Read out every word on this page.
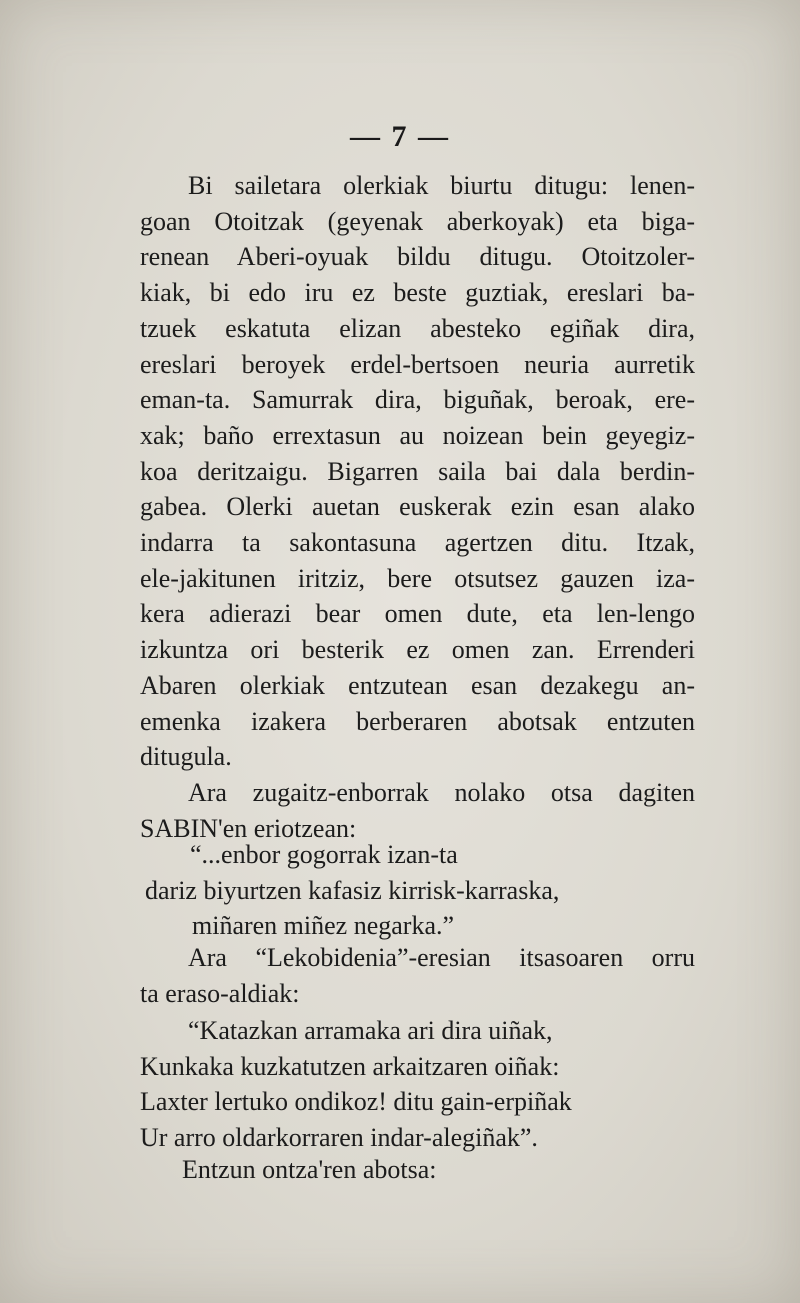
— 7 —
Bi sailetara olerkiak biurtu ditugu: lenen-
goan Otoitzak (geyenak aberkoyak) eta biga-
renean Aberi-oyuak bildu ditugu. Otoitzoler-
kiak, bi edo iru ez beste guztiak, ereslari ba-
tzuek eskatuta elizan abesteko egiñak dira,
ereslari beroyek erdel-bertsoen neuria aurretik
eman-ta. Samurrak dira, biguñak, beroak, ere-
xak; baño errextasun au noizean bein geyegiz-
koa deritzaigu. Bigarren saila bai dala berdin-
gabea. Olerki auetan euskerak ezin esan alako
indarra ta sakontasuna agertzen ditu. Itzak,
ele-jakitunen iritziz, bere otsutsez gauzen iza-
kera adierazi bear omen dute, eta len-lengo
izkuntza ori besterik ez omen zan. Errenderi
Abaren olerkiak entzutean esan dezakegu an-
emenka izakera berberaren abotsak entzuten
ditugula.
Ara zugaitz-enborrak nolako otsa dagiten
SABIN'en eriotzean:
“...enbor gogorrak izan-ta
dariz biyurtzen kafasiz kirrisk-karraska,
miñaren miñez negarka.”
Ara “Lekobidenia”-eresian itsasoaren orru
ta eraso-aldiak:
“Katazkan arramaka ari dira uiñak,
Kunkaka kuzkatutzen arkaitzaren oiñak:
Laxter lertuko ondikoz! ditu gain-erpiñak
Ur arro oldarkorraren indar-alegiñak”.
Entzun ontza'ren abotsa:
